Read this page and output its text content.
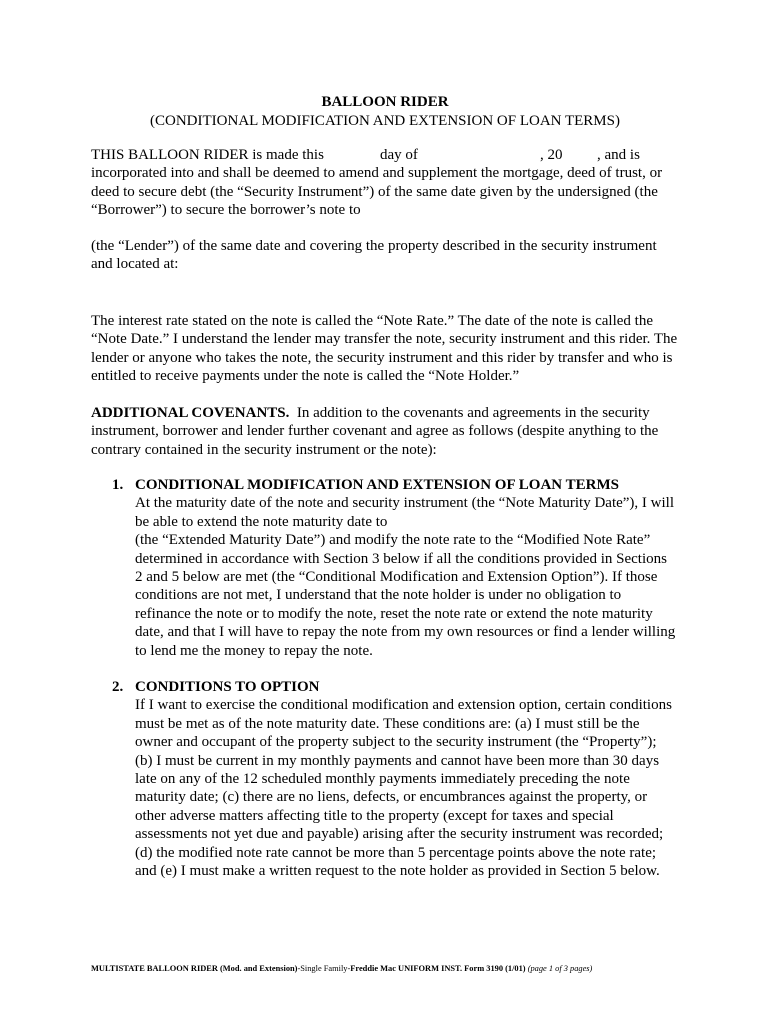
BALLOON RIDER
(CONDITIONAL MODIFICATION AND EXTENSION OF LOAN TERMS)
THIS BALLOON RIDER is made this	day of	, 20 , and is
incorporated into and shall be deemed to amend and supplement the mortgage, deed of trust, or
deed to secure debt (the “Security Instrument”) of the same date given by the undersigned (the
“Borrower”) to secure the borrower’s note to
(the “Lender”) of the same date and covering the property described in the security instrument
and located at:
The interest rate stated on the note is called the “Note Rate.” The date of the note is called the
“Note Date.” I understand the lender may transfer the note, security instrument and this rider. The
lender or anyone who takes the note, the security instrument and this rider by transfer and who is
entitled to receive payments under the note is called the “Note Holder.”
ADDITIONAL COVENANTS. In addition to the covenants and agreements in the security
instrument, borrower and lender further covenant and agree as follows (despite anything to the
contrary contained in the security instrument or the note):
1. CONDITIONAL MODIFICATION AND EXTENSION OF LOAN TERMS
At the maturity date of the note and security instrument (the “Note Maturity Date”), I will
be able to extend the note maturity date to
(the “Extended Maturity Date”) and modify the note rate to the “Modified Note Rate”
determined in accordance with Section 3 below if all the conditions provided in Sections
2 and 5 below are met (the “Conditional Modification and Extension Option”). If those
conditions are not met, I understand that the note holder is under no obligation to
refinance the note or to modify the note, reset the note rate or extend the note maturity
date, and that I will have to repay the note from my own resources or find a lender willing
to lend me the money to repay the note.
2. CONDITIONS TO OPTION
If I want to exercise the conditional modification and extension option, certain conditions
must be met as of the note maturity date. These conditions are: (a) I must still be the
owner and occupant of the property subject to the security instrument (the “Property”);
(b) I must be current in my monthly payments and cannot have been more than 30 days
late on any of the 12 scheduled monthly payments immediately preceding the note
maturity date; (c) there are no liens, defects, or encumbrances against the property, or
other adverse matters affecting title to the property (except for taxes and special
assessments not yet due and payable) arising after the security instrument was recorded;
(d) the modified note rate cannot be more than 5 percentage points above the note rate;
and (e) I must make a written request to the note holder as provided in Section 5 below.
MULTISTATE BALLOON RIDER (Mod. and Extension)-Single Family-Freddie Mac UNIFORM INST. Form 3190 (1/01) (page 1 of 3 pages)
